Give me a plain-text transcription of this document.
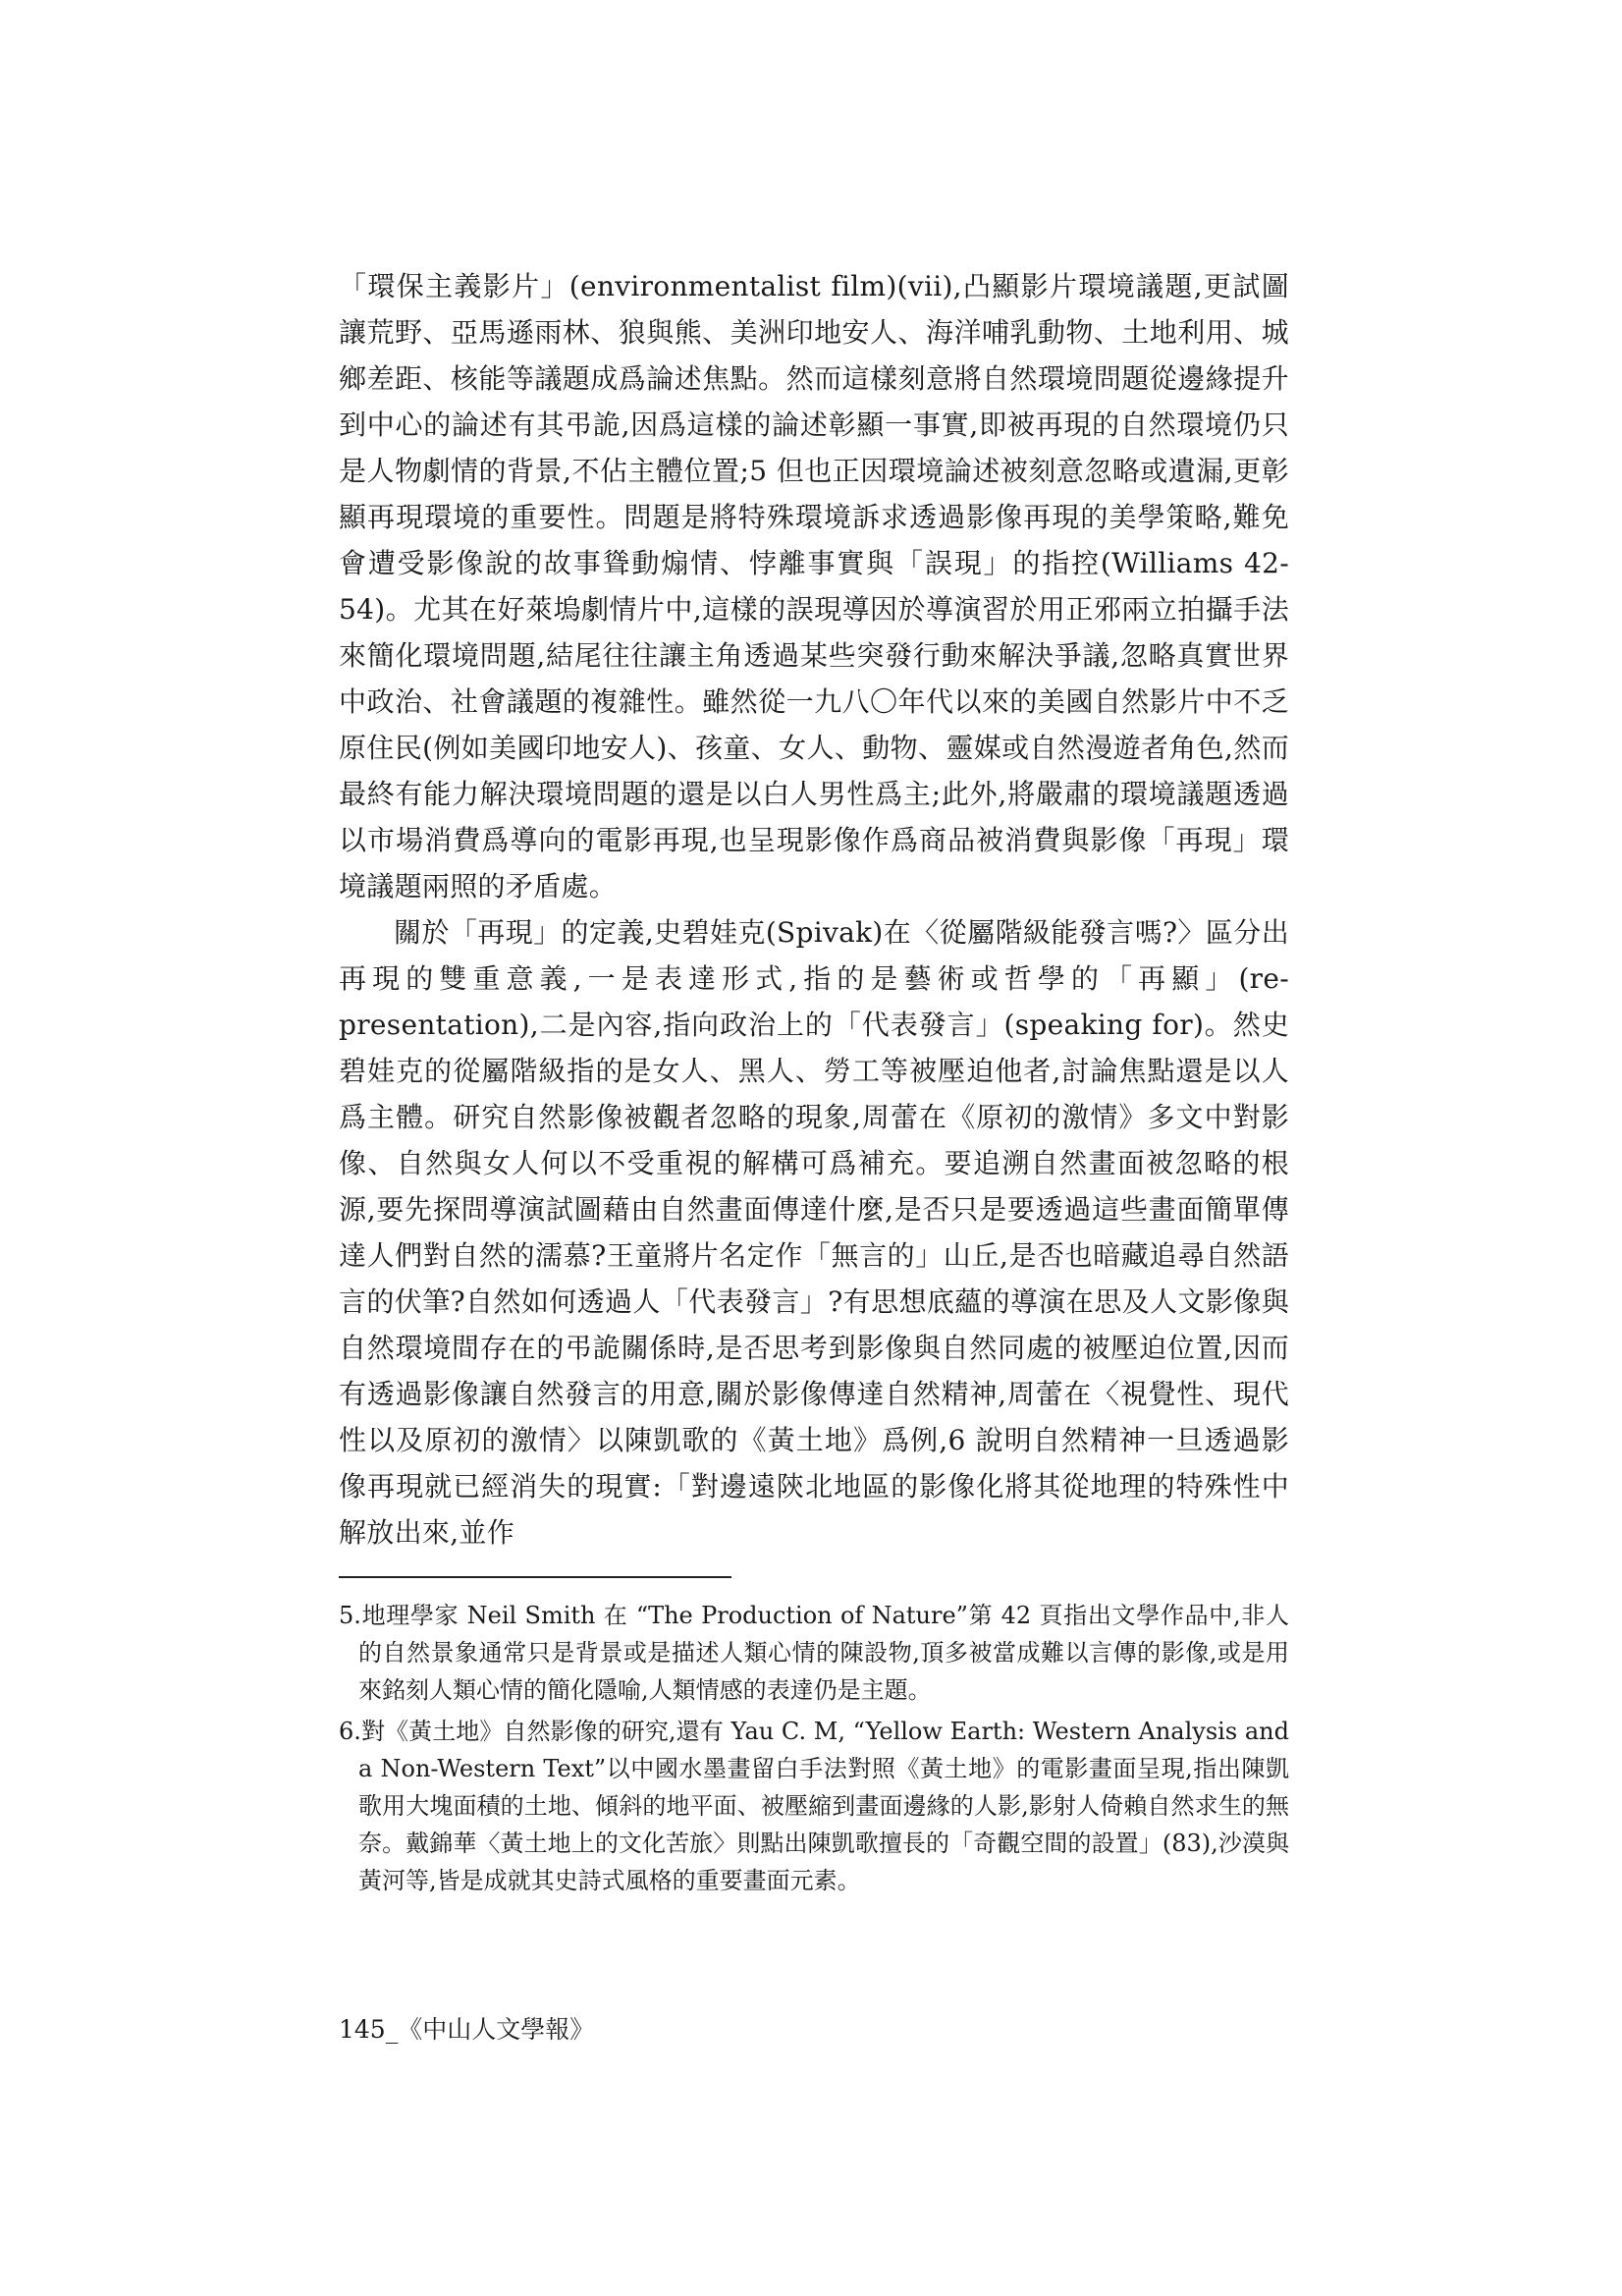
「環保主義影片」(environmentalist film)(vii),凸顯影片環境議題,更試圖讓荒野、亞馬遜雨林、狼與熊、美洲印地安人、海洋哺乳動物、土地利用、城鄉差距、核能等議題成爲論述焦點。然而這樣刻意將自然環境問題從邊緣提升到中心的論述有其弔詭,因爲這樣的論述彰顯一事實,即被再現的自然環境仍只是人物劇情的背景,不佔主體位置;5 但也正因環境論述被刻意忽略或遺漏,更彰顯再現環境的重要性。問題是將特殊環境訴求透過影像再現的美學策略,難免會遭受影像說的故事聳動煽情、悖離事實與「誤現」的指控(Williams 42-54)。尤其在好萊塢劇情片中,這樣的誤現導因於導演習於用正邪兩立拍攝手法來簡化環境問題,結尾往往讓主角透過某些突發行動來解決爭議,忽略真實世界中政治、社會議題的複雜性。雖然從一九八〇年代以來的美國自然影片中不乏原住民(例如美國印地安人)、孩童、女人、動物、靈媒或自然漫遊者角色,然而最終有能力解決環境問題的還是以白人男性爲主;此外,將嚴肅的環境議題透過以市場消費爲導向的電影再現,也呈現影像作爲商品被消費與影像「再現」環境議題兩照的矛盾處。

關於「再現」的定義,史碧娃克(Spivak)在〈從屬階級能發言嗎?〉區分出再現的雙重意義,一是表達形式,指的是藝術或哲學的「再顯」(re-presentation),二是內容,指向政治上的「代表發言」(speaking for)。然史碧娃克的從屬階級指的是女人、黑人、勞工等被壓迫他者,討論焦點還是以人爲主體。研究自然影像被觀者忽略的現象,周蕾在《原初的激情》多文中對影像、自然與女人何以不受重視的解構可爲補充。要追溯自然畫面被忽略的根源,要先探問導演試圖藉由自然畫面傳達什麼,是否只是要透過這些畫面簡單傳達人們對自然的濡慕?王童將片名定作「無言的」山丘,是否也暗藏追尋自然語言的伏筆?自然如何透過人「代表發言」?有思想底蘊的導演在思及人文影像與自然環境間存在的弔詭關係時,是否思考到影像與自然同處的被壓迫位置,因而有透過影像讓自然發言的用意,關於影像傳達自然精神,周蕾在〈視覺性、現代性以及原初的激情〉以陳凱歌的《黃土地》爲例,6 說明自然精神一旦透過影像再現就已經消失的現實:「對邊遠陝北地區的影像化將其從地理的特殊性中解放出來,並作

5.地理學家 Neil Smith 在 “The Production of Nature”第 42 頁指出文學作品中,非人的自然景象通常只是背景或是描述人類心情的陳設物,頂多被當成難以言傳的影像,或是用來銘刻人類心情的簡化隱喻,人類情感的表達仍是主題。

6.對《黃土地》自然影像的研究,還有 Yau C. M, “Yellow Earth: Western Analysis and a Non-Western Text”以中國水墨畫留白手法對照《黃土地》的電影畫面呈現,指出陳凱歌用大塊面積的土地、傾斜的地平面、被壓縮到畫面邊緣的人影,影射人倚賴自然求生的無奈。戴錦華〈黃土地上的文化苦旅〉則點出陳凱歌擅長的「奇觀空間的設置」(83),沙漠與黃河等,皆是成就其史詩式風格的重要畫面元素。

145_《中山人文學報》
